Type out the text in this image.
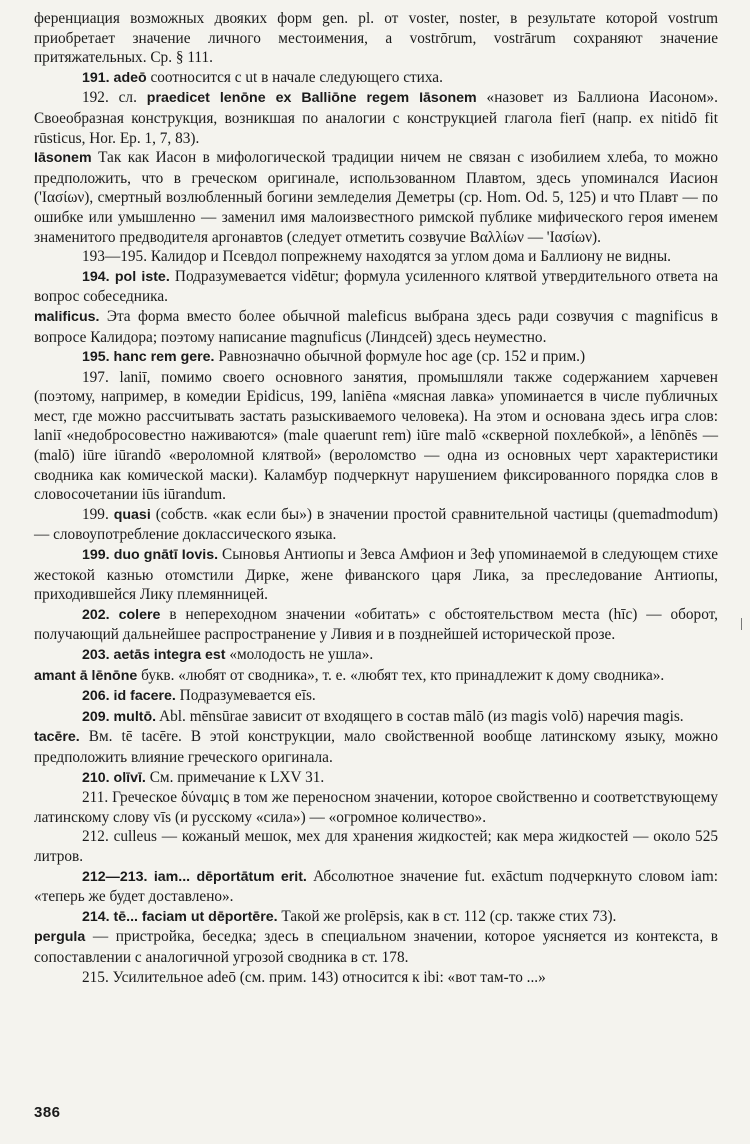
ференциация возможных двояких форм gen. pl. от voster, noster, в результате которой vostrum приобретает значение личного местоимения, а vostrōrum, vostrārum сохраняют значение притяжательных. Ср. § 111.

191. adeō соотносится с ut в начале следующего стиха.

192. сл. praedicet lenōne ex Balliōne regem Iāsonem «назовет из Баллиона Иасоном». Своеобразная конструкция, возникшая по аналогии с конструкцией глагола fierī (напр. ex nitidō fit rūsticus, Hor. Ep. 1, 7, 83).

Iāsonem Так как Иасон в мифологической традиции ничем не связан с изобилием хлеба, то можно предположить, что в греческом оригинале, использованном Плавтом, здесь упоминался Иасион ('Ιασίων), смертный возлюбленный богини земледелия Деметры (ср. Hom. Od. 5, 125) и что Плавт — по ошибке или умышленно — заменил имя малоизвестного римской публике мифического героя именем знаменитого предводителя аргонавтов (следует отметить созвучие Βαλλίων — 'Ιασίων).

193—195. Калидор и Псевдол попрежнему находятся за углом дома и Баллиону не видны.

194. pol iste. Подразумевается vidētur; формула усиленного клятвой утвердительного ответа на вопрос собеседника.

malificus. Эта форма вместо более обычной maleficus выбрана здесь ради созвучия с magnificus в вопросе Калидора; поэтому написание magnuficus (Линдсей) здесь неуместно.

195. hanc rem gere. Равнозначно обычной формуле hoc age (ср. 152 и прим.)

197. laniī, помимо своего основного занятия, промышляли также содержанием харчевен (поэтому, например, в комедии Epidicus, 199, laniēna «мясная лавка» упоминается в числе публичных мест, где можно рассчитывать застать разыскиваемого человека). На этом и основана здесь игра слов: laniī «недобросовестно наживаются» (male quaerunt rem) iūre malō «скверной похлебкой», а lēnōnēs — (malō) iūre iūrandō «вероломной клятвой» (вероломство — одна из основных черт характеристики сводника как комической маски). Каламбур подчеркнут нарушением фиксированного порядка слов в словосочетании iūs iūrandum.

199. quasi (собств. «как если бы») в значении простой сравнительной частицы (quemadmodum) — словоупотребление доклассического языка.

199. duo gnātī Iovis. Сыновья Антиопы и Зевса Амфион и Зеф упоминаемой в следующем стихе жестокой казнью отомстили Дирке, жене фиванского царя Лика, за преследование Антиопы, приходившейся Лику племянницей.

202. colere в непереходном значении «обитать» с обстоятельством места (hīc) — оборот, получающий дальнейшее распространение у Ливия и в позднейшей исторической прозе.

203. aetās integra est «молодость не ушла».

amant ā lēnōne букв. «любят от сводника», т. е. «любят тех, кто принадлежит к дому сводника».

206. id facere. Подразумевается eīs.

209. multō. Abl. mēnsūrae зависит от входящего в состав mālō (из magis volō) наречия magis.

tacēre. Вм. tē tacēre. В этой конструкции, мало свойственной вообще латинскому языку, можно предположить влияние греческого оригинала.

210. olīvī. См. примечание к LXV 31.

211. Греческое δύναμις в том же переносном значении, которое свойственно и соответствующему латинскому слову vīs (и русскому «сила») — «огромное количество».

212. culleus — кожаный мешок, мех для хранения жидкостей; как мера жидкостей — около 525 литров.

212—213. iam... dēportātum erit. Абсолютное значение fut. exāctum подчеркнуто словом iam: «теперь же будет доставлено».

214. tē... faciam ut dēportēre. Такой же prolēpsis, как в ст. 112 (ср. также стих 73).

pergula — пристройка, беседка; здесь в специальном значении, которое уясняется из контекста, в сопоставлении с аналогичной угрозой сводника в ст. 178.

215. Усилительное adeō (см. прим. 143) относится к ibi: «вот там-то ...»

386
